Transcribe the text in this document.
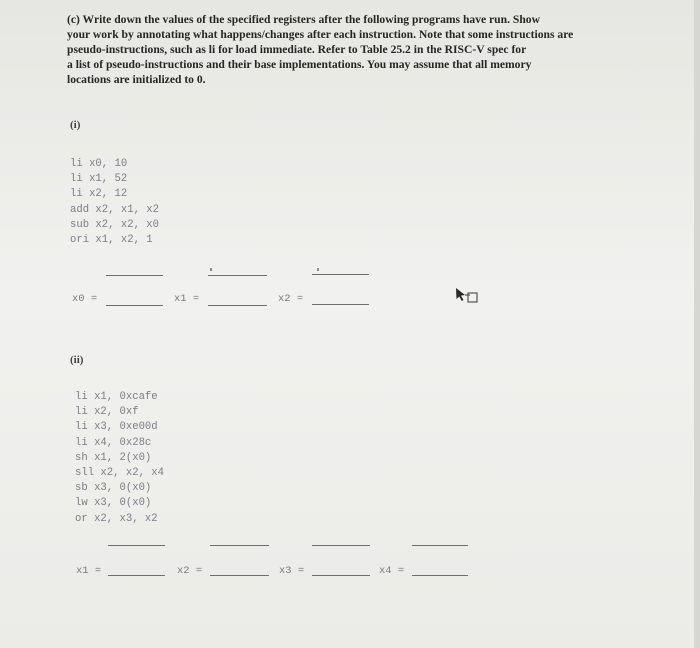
(c) Write down the values of the specified registers after the following programs have run. Show
your work by annotating what happens/changes after each instruction. Note that some instructions are
pseudo-instructions, such as li for load immediate. Refer to Table 25.2 in the RISC-V spec for
a list of pseudo-instructions and their base implementations. You may assume that all memory
locations are initialized to 0.
(i)
li x0, 10
li x1, 52
li x2, 12
add x2, x1, x2
sub x2, x2, x0
ori x1, x2, 1
x0 =	x1 =	x2 =
(ii)
li x1, 0xcafe
li x2, 0xf
li x3, 0xe00d
li x4, 0x28c
sh x1, 2(x0)
sll x2, x2, x4
sb x3, 0(x0)
lw x3, 0(x0)
or x2, x3, x2
x1 =	x2 =	x3 =	x4 =
